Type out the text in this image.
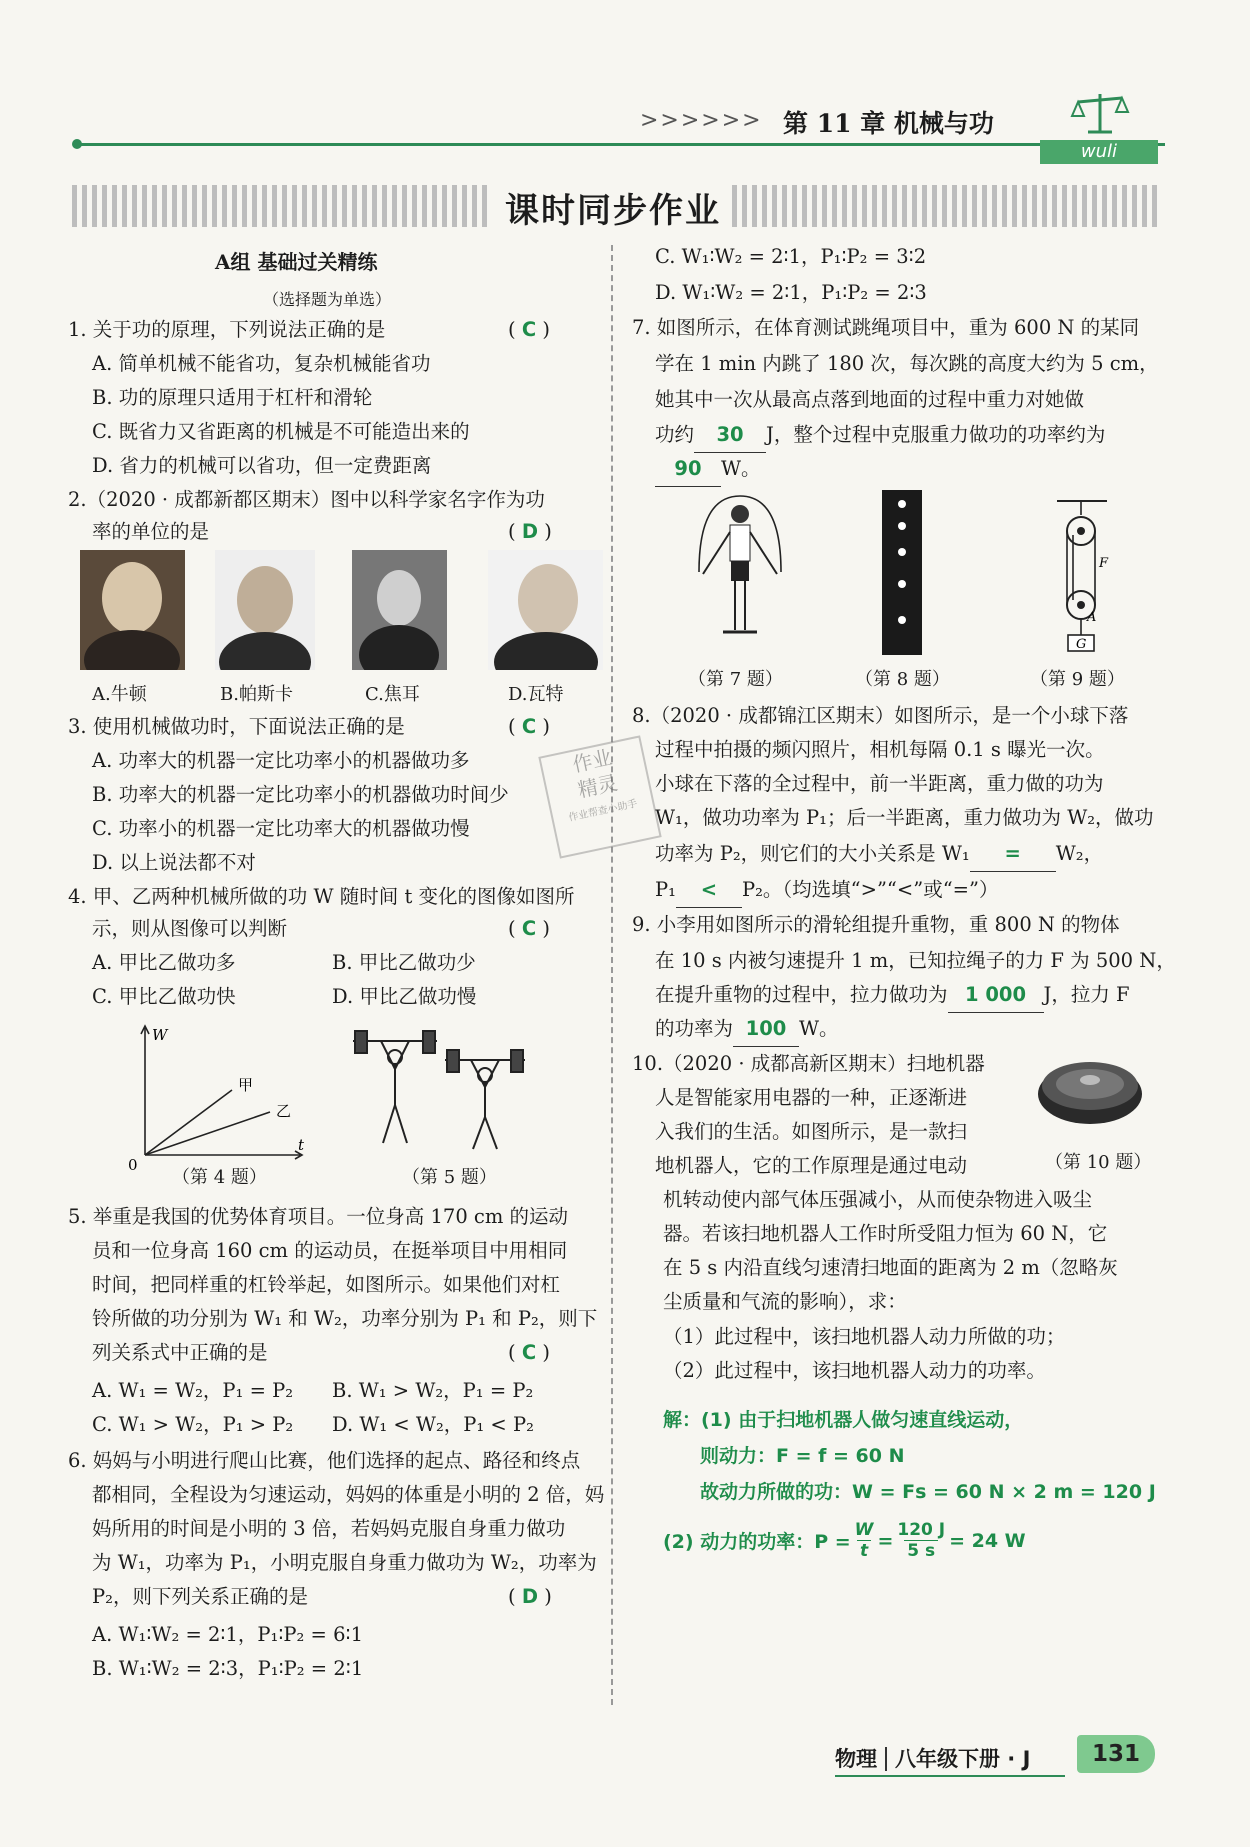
>>>>>> 第 11 章 机械与功
wuli
课时同步作业
A组 基础过关精练
（选择题为单选）
1. 关于功的原理，下列说法正确的是	( C )
A. 简单机械不能省功，复杂机械能省功
B. 功的原理只适用于杠杆和滑轮
C. 既省力又省距离的机械是不可能造出来的
D. 省力的机械可以省功，但一定费距离
2.（2020 · 成都新都区期末）图中以科学家名字作为功
率的单位的是	( D )
A.牛顿	B.帕斯卡	C.焦耳	D.瓦特
3. 使用机械做功时，下面说法正确的是	( C )
A. 功率大的机器一定比功率小的机器做功多
B. 功率大的机器一定比功率小的机器做功时间少
C. 功率小的机器一定比功率大的机器做功慢
D. 以上说法都不对
4. 甲、乙两种机械所做的功 W 随时间 t 变化的图像如图所
示，则从图像可以判断	( C )
A. 甲比乙做功多	B. 甲比乙做功少
C. 甲比乙做功快	D. 甲比乙做功慢
W
t
0
甲
乙
（第 4 题）	（第 5 题）
5. 举重是我国的优势体育项目。一位身高 170 cm 的运动
员和一位身高 160 cm 的运动员，在挺举项目中用相同
时间，把同样重的杠铃举起，如图所示。如果他们对杠
铃所做的功分别为 W₁ 和 W₂，功率分别为 P₁ 和 P₂，则下
列关系式中正确的是	( C )
A. W₁ = W₂，P₁ = P₂ B. W₁ > W₂，P₁ = P₂
C. W₁ > W₂，P₁ > P₂ D. W₁ < W₂，P₁ < P₂
6. 妈妈与小明进行爬山比赛，他们选择的起点、路径和终点
都相同，全程设为匀速运动，妈妈的体重是小明的 2 倍，妈
妈所用的时间是小明的 3 倍，若妈妈克服自身重力做功
为 W₁，功率为 P₁，小明克服自身重力做功为 W₂，功率为
P₂，则下列关系正确的是	( D )
A. W₁∶W₂ = 2∶1，P₁∶P₂ = 6∶1
B. W₁∶W₂ = 2∶3，P₁∶P₂ = 2∶1
C. W₁∶W₂ = 2∶1，P₁∶P₂ = 3∶2
D. W₁∶W₂ = 2∶1，P₁∶P₂ = 2∶3
7. 如图所示，在体育测试跳绳项目中，重为 600 N 的某同
学在 1 min 内跳了 180 次，每次跳的高度大约为 5 cm，
她其中一次从最高点落到地面的过程中重力对她做
功约 30 J，整个过程中克服重力做功的功率约为
90 W。
F
A
G
（第 7 题）	（第 8 题）	（第 9 题）
8.（2020 · 成都锦江区期末）如图所示，是一个小球下落
过程中拍摄的频闪照片，相机每隔 0.1 s 曝光一次。
小球在下落的全过程中，前一半距离，重力做的功为
W₁，做功功率为 P₁；后一半距离，重力做功为 W₂，做功
功率为 P₂，则它们的大小关系是 W₁ = W₂，
P₁ < P₂。（均选填“>”“<”或“=”）
9. 小李用如图所示的滑轮组提升重物，重 800 N 的物体
在 10 s 内被匀速提升 1 m，已知拉绳子的力 F 为 500 N，
在提升重物的过程中，拉力做功为 1 000 J，拉力 F
的功率为 100 W。
10.（2020 · 成都高新区期末）扫地机器
人是智能家用电器的一种，正逐渐进
入我们的生活。如图所示，是一款扫
地机器人，它的工作原理是通过电动	（第 10 题）
机转动使内部气体压强减小，从而使杂物进入吸尘
器。若该扫地机器人工作时所受阻力恒为 60 N，它
在 5 s 内沿直线匀速清扫地面的距离为 2 m（忽略灰
尘质量和气流的影响），求：
（1）此过程中，该扫地机器人动力所做的功；
（2）此过程中，该扫地机器人动力的功率。
解：(1) 由于扫地机器人做匀速直线运动，
则动力：F = f = 60 N
故动力所做的功：W = Fs = 60 N × 2 m = 120 J
(2) 动力的功率：$P = \frac{W}{t} = \frac{120 J}{5 s} = 24$ W
作业
精灵
作业帮查小助手
物理 八年级下册 · J	131
